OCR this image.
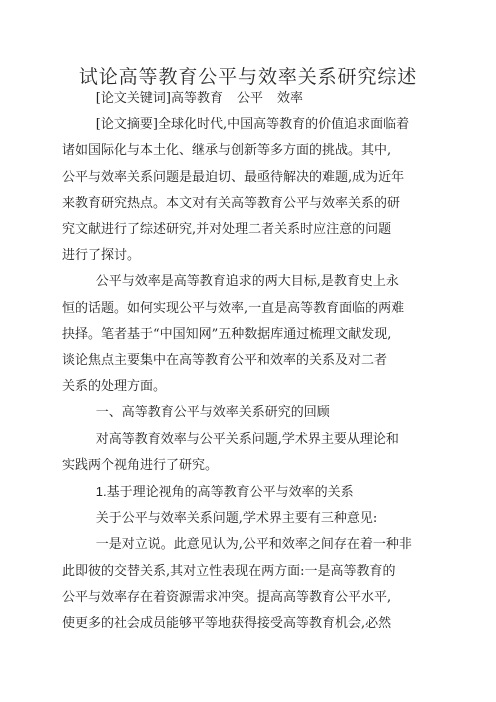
试论高等教育公平与效率关系研究综述

[论文关键词]高等教育 公平 效率

[论文摘要]全球化时代,中国高等教育的价值追求面临着
诸如国际化与本土化、继承与创新等多方面的挑战。其中,
公平与效率关系问题是最迫切、最亟待解决的难题,成为近年
来教育研究热点。本文对有关高等教育公平与效率关系的研
究文献进行了综述研究,并对处理二者关系时应注意的问题
进行了探讨。

公平与效率是高等教育追求的两大目标,是教育史上永
恒的话题。如何实现公平与效率,一直是高等教育面临的两难
抉择。笔者基于“中国知网”五种数据库通过梳理文献发现,
谈论焦点主要集中在高等教育公平和效率的关系及对二者
关系的处理方面。

一、高等教育公平与效率关系研究的回顾

对高等教育效率与公平关系问题,学术界主要从理论和
实践两个视角进行了研究。

1.基于理论视角的高等教育公平与效率的关系

关于公平与效率关系问题,学术界主要有三种意见:

一是对立说。此意见认为,公平和效率之间存在着一种非
此即彼的交替关系,其对立性表现在两方面:一是高等教育的
公平与效率存在着资源需求冲突。提高高等教育公平水平,
使更多的社会成员能够平等地获得接受高等教育机会,必然
